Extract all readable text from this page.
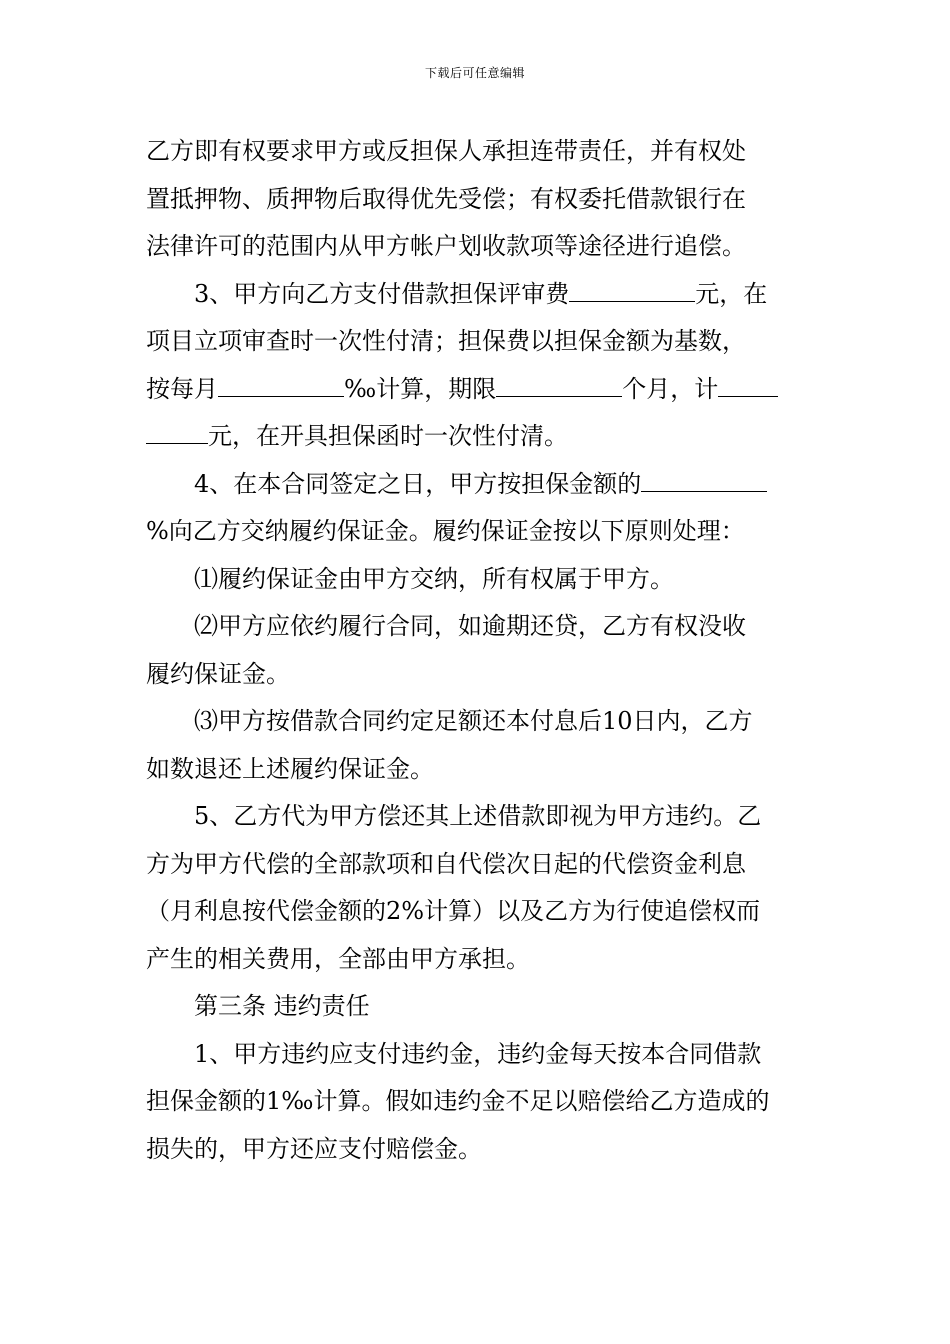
下载后可任意编辑
乙方即有权要求甲方或反担保人承担连带责任，并有权处
置抵押物、质押物后取得优先受偿；有权委托借款银行在
法律许可的范围内从甲方帐户划收款项等途径进行追偿。
3、甲方向乙方支付借款担保评审费	元，在
项目立项审查时一次性付清；担保费以担保金额为基数，
按每月	‰计算，期限	个月，计
元，在开具担保函时一次性付清。
4、在本合同签定之日，甲方按担保金额的
%向乙方交纳履约保证金。履约保证金按以下原则处理：
⑴履约保证金由甲方交纳，所有权属于甲方。
⑵甲方应依约履行合同，如逾期还贷，乙方有权没收
履约保证金。
⑶甲方按借款合同约定足额还本付息后10日内，乙方
如数退还上述履约保证金。
5、乙方代为甲方偿还其上述借款即视为甲方违约。乙
方为甲方代偿的全部款项和自代偿次日起的代偿资金利息
（月利息按代偿金额的2%计算）以及乙方为行使追偿权而
产生的相关费用，全部由甲方承担。
第三条 违约责任
1、甲方违约应支付违约金，违约金每天按本合同借款
担保金额的1‰计算。假如违约金不足以赔偿给乙方造成的
损失的，甲方还应支付赔偿金。
